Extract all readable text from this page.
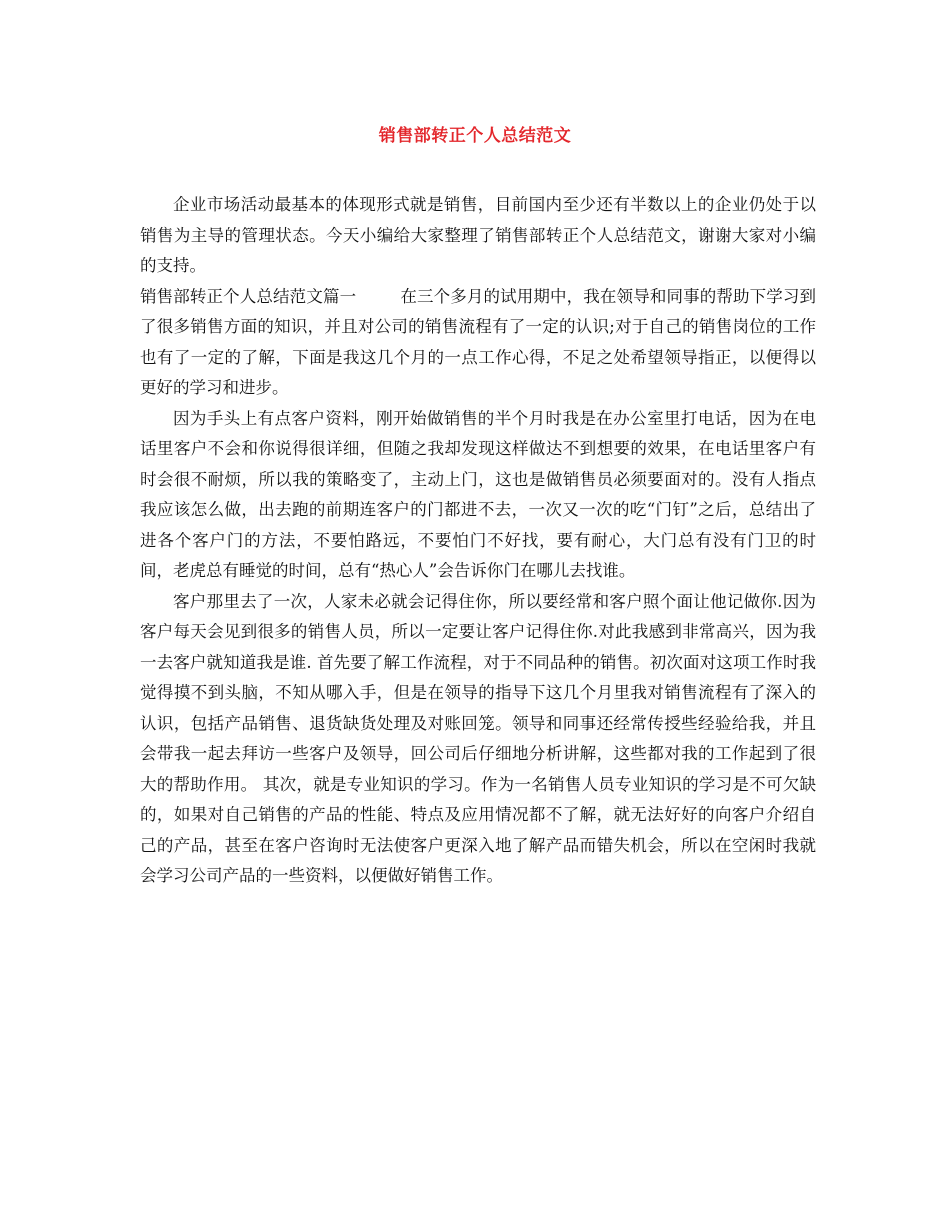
销售部转正个人总结范文

企业市场活动最基本的体现形式就是销售，目前国内至少还有半数以上的企业仍处于以销售为主导的管理状态。今天小编给大家整理了销售部转正个人总结范文，谢谢大家对小编的支持。

销售部转正个人总结范文篇一	在三个多月的试用期中，我在领导和同事的帮助下学习到了很多销售方面的知识，并且对公司的销售流程有了一定的认识;对于自己的销售岗位的工作也有了一定的了解，下面是我这几个月的一点工作心得，不足之处希望领导指正，以便得以更好的学习和进步。

因为手头上有点客户资料，刚开始做销售的半个月时我是在办公室里打电话，因为在电话里客户不会和你说得很详细，但随之我却发现这样做达不到想要的效果，在电话里客户有时会很不耐烦，所以我的策略变了，主动上门，这也是做销售员必须要面对的。没有人指点我应该怎么做，出去跑的前期连客户的门都进不去，一次又一次的吃“门钉”之后，总结出了进各个客户门的方法，不要怕路远，不要怕门不好找，要有耐心，大门总有没有门卫的时间，老虎总有睡觉的时间，总有“热心人”会告诉你门在哪儿去找谁。

客户那里去了一次，人家未必就会记得住你，所以要经常和客户照个面让他记做你.因为客户每天会见到很多的销售人员，所以一定要让客户记得住你.对此我感到非常高兴，因为我一去客户就知道我是谁. 首先要了解工作流程，对于不同品种的销售。初次面对这项工作时我觉得摸不到头脑，不知从哪入手，但是在领导的指导下这几个月里我对销售流程有了深入的认识，包括产品销售、退货缺货处理及对账回笼。领导和同事还经常传授些经验给我，并且会带我一起去拜访一些客户及领导，回公司后仔细地分析讲解，这些都对我的工作起到了很大的帮助作用。 其次，就是专业知识的学习。作为一名销售人员专业知识的学习是不可欠缺的，如果对自己销售的产品的性能、特点及应用情况都不了解，就无法好好的向客户介绍自己的产品，甚至在客户咨询时无法使客户更深入地了解产品而错失机会，所以在空闲时我就会学习公司产品的一些资料，以便做好销售工作。
